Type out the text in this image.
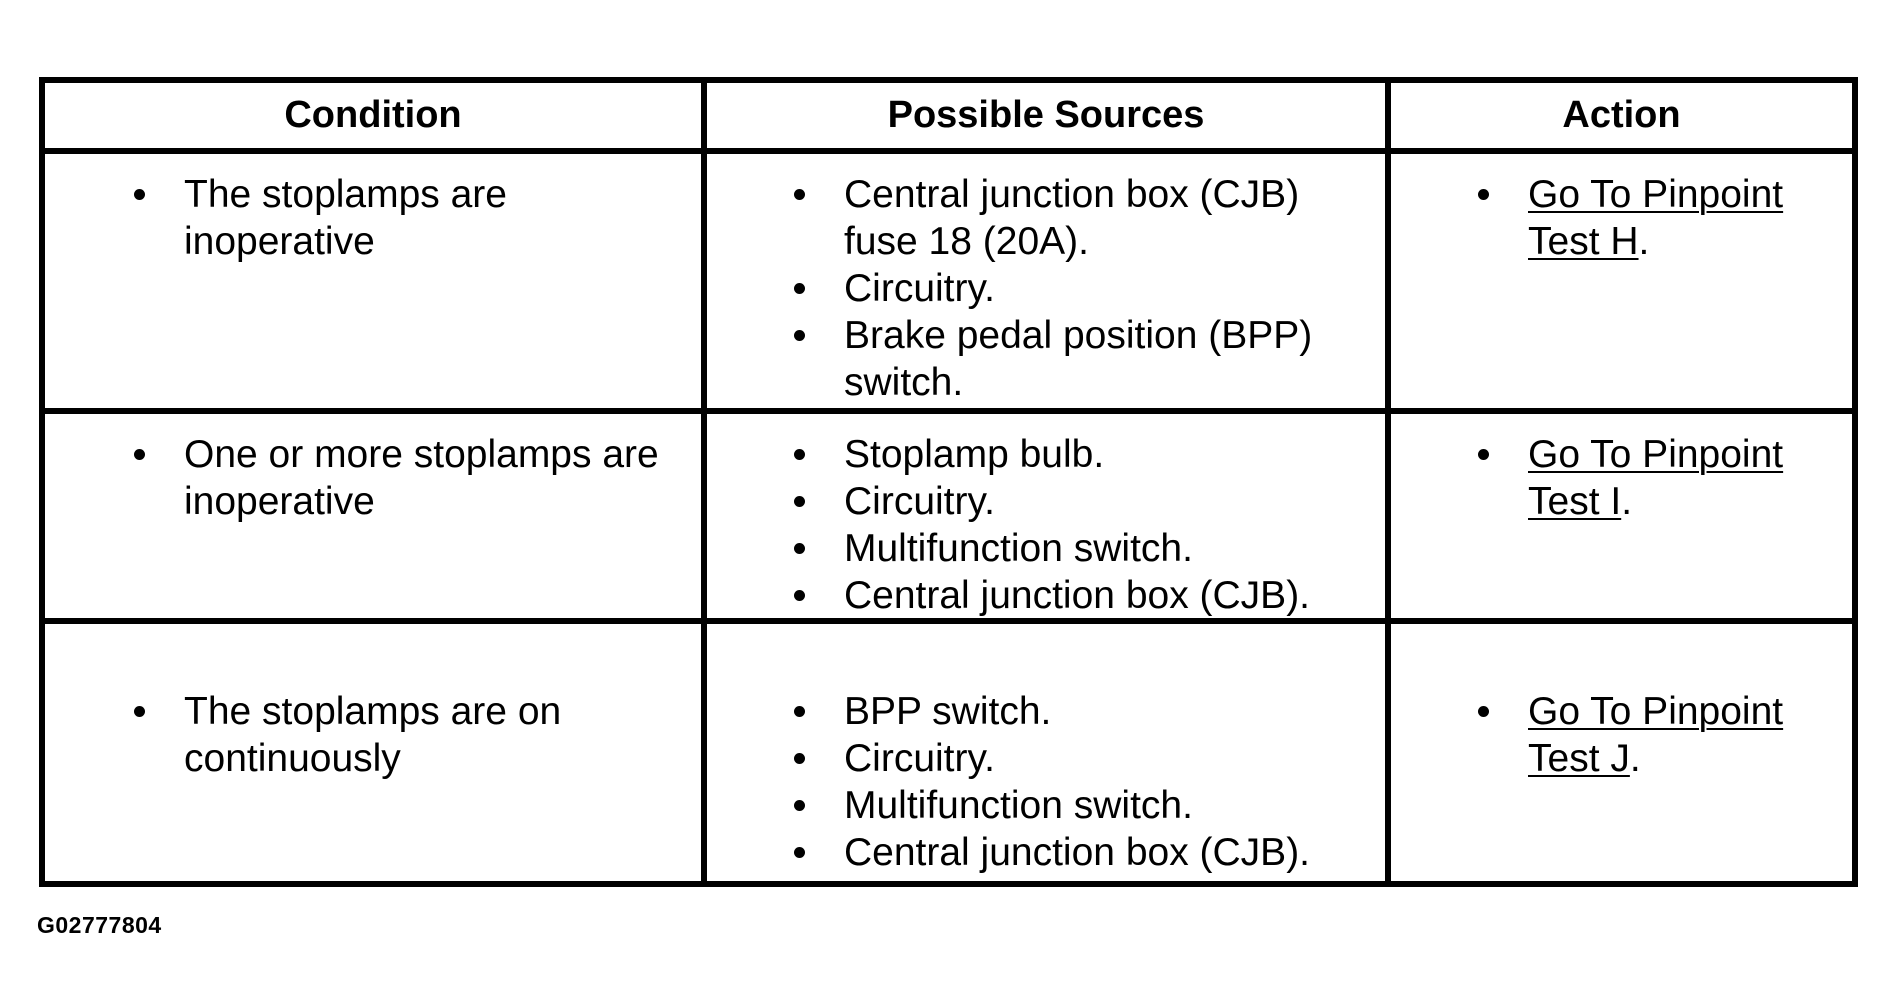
Condition	Possible Sources	Action
The stoplamps are inoperative
Central junction box (CJB) fuse 18 (20A).
Circuitry.
Brake pedal position (BPP) switch.
Go To Pinpoint Test H.
One or more stoplamps are inoperative
Stoplamp bulb.
Circuitry.
Multifunction switch.
Central junction box (CJB).
Go To Pinpoint Test I.
The stoplamps are on continuously
BPP switch.
Circuitry.
Multifunction switch.
Central junction box (CJB).
Go To Pinpoint Test J.
G02777804
